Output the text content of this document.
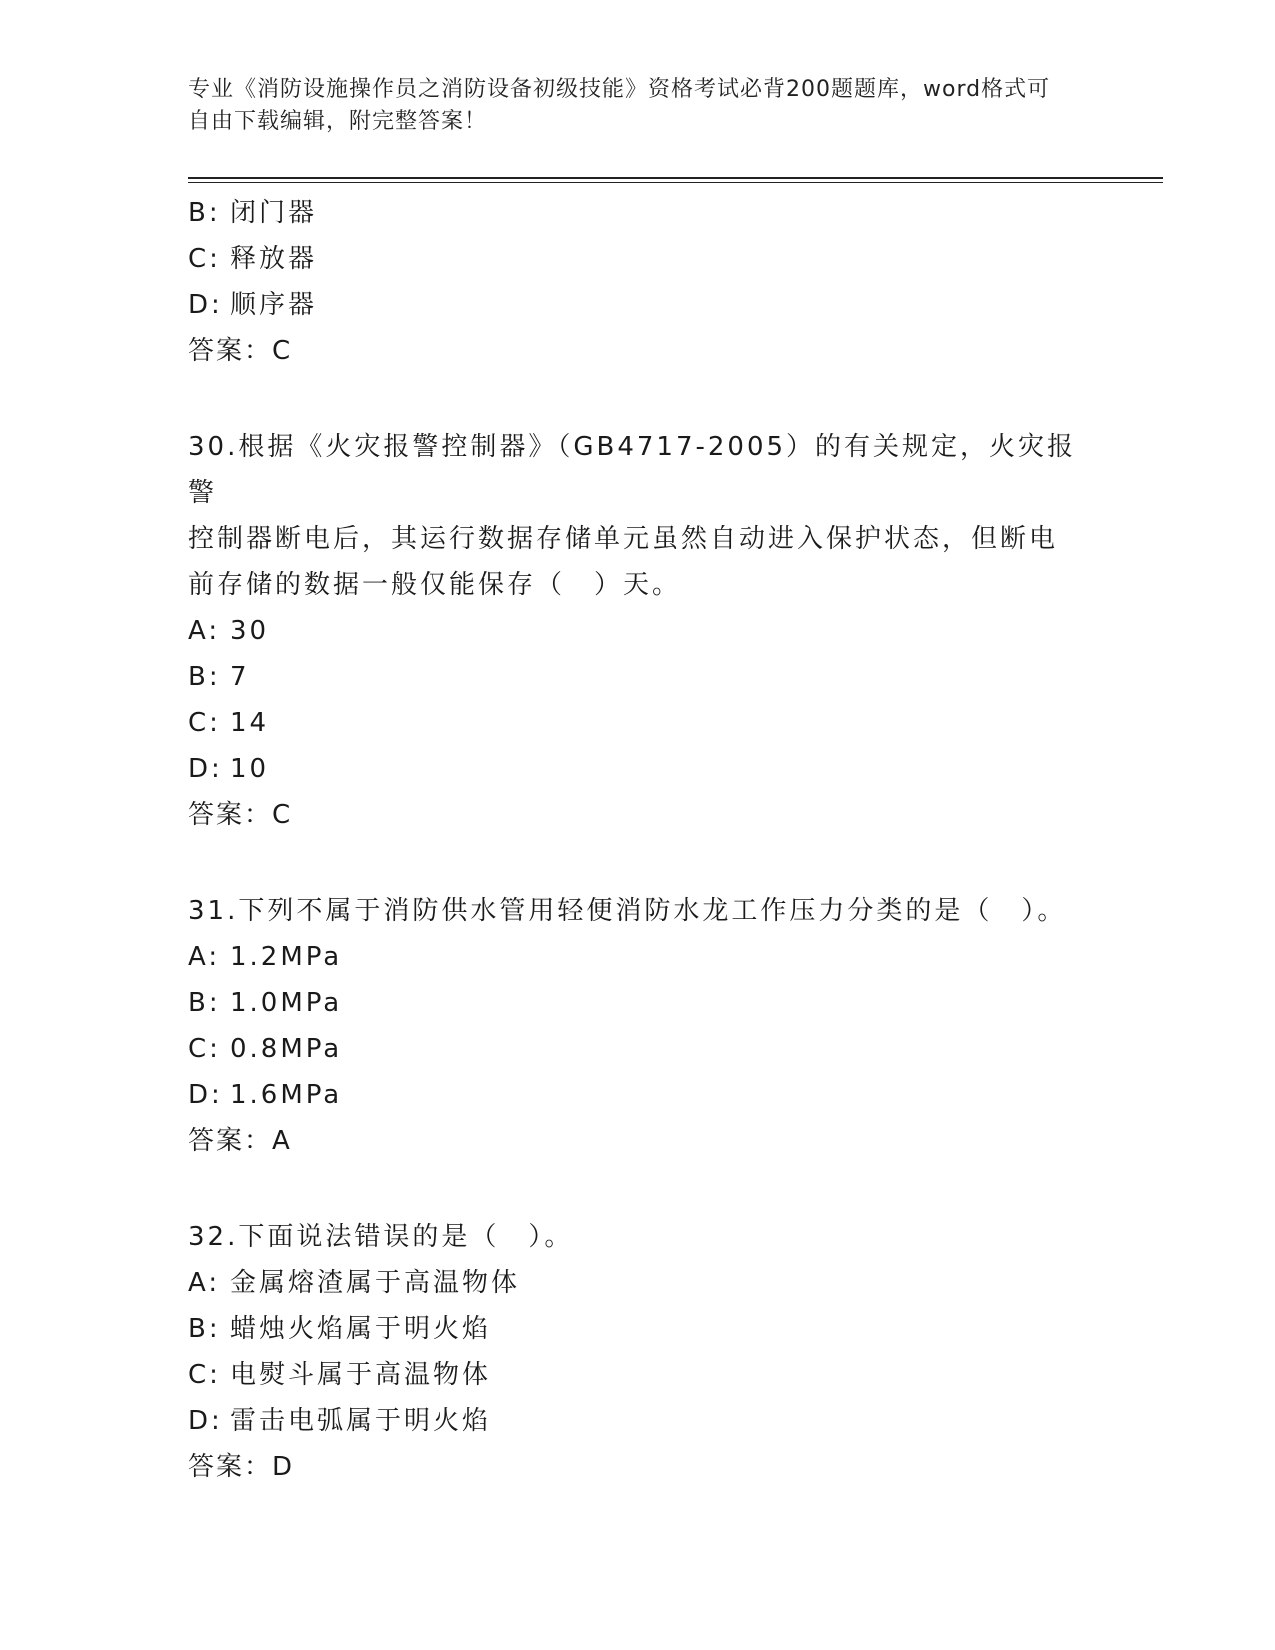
专业《消防设施操作员之消防设备初级技能》资格考试必背200题题库，word格式可自由下载编辑，附完整答案！
B: 闭门器
C: 释放器
D: 顺序器
答案：C
30.根据《火灾报警控制器》（GB4717-2005）的有关规定，火灾报警
控制器断电后，其运行数据存储单元虽然自动进入保护状态，但断电
前存储的数据一般仅能保存（　）天。
A: 30
B: 7
C: 14
D: 10
答案：C
31.下列不属于消防供水管用轻便消防水龙工作压力分类的是（　）。
A: 1.2MPa
B: 1.0MPa
C: 0.8MPa
D: 1.6MPa
答案：A
32.下面说法错误的是（　）。
A: 金属熔渣属于高温物体
B: 蜡烛火焰属于明火焰
C: 电熨斗属于高温物体
D: 雷击电弧属于明火焰
答案：D
